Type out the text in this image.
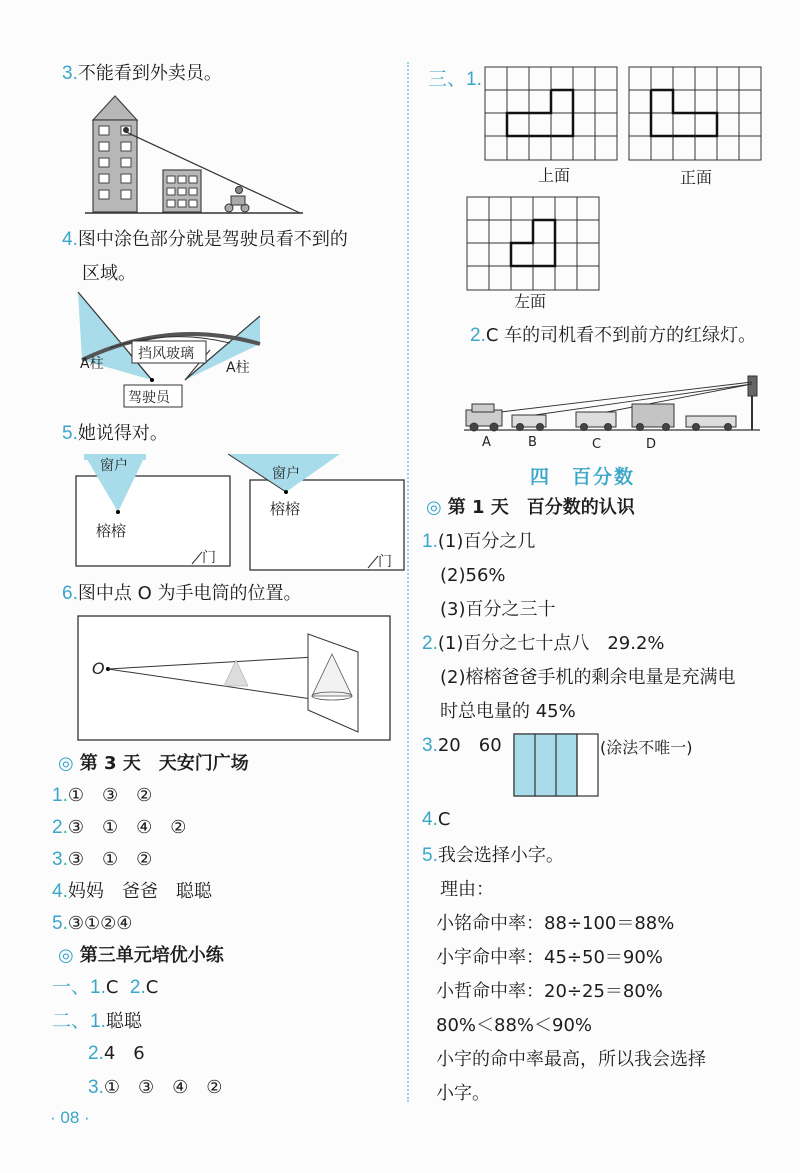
3.不能看到外卖员。
4.图中涂色部分就是驾驶员看不到的
区域。
A柱	A柱
挡风玻璃
驾驶员
5.她说得对。
窗户
榕榕
门
窗户
榕榕
门
6.图中点 O 为手电筒的位置。
O
◎ 第 3 天　天安门广场
1.①　③　②
2.③　①　④　②
3.③　①　②
4.妈妈　爸爸　聪聪
5.③①②④
◎ 第三单元培优小练
一、1.C 2.C
二、1.聪聪
2.4　6
3.①　③　④　②
· 08 ·
三、1.
上面	正面
左面
2.C 车的司机看不到前方的红绿灯。
A	B	C	D
四　百分数
◎ 第 1 天　百分数的认识
1.(1)百分之几
(2)56%
(3)百分之三十
2.(1)百分之七十点八　29.2%
(2)榕榕爸爸手机的剩余电量是充满电
时总电量的 45%
3.20　60	(涂法不唯一)
4.C
5.我会选择小字。
理由：
小铭命中率：88÷100＝88%
小宇命中率：45÷50＝90%
小哲命中率：20÷25＝80%
80%＜88%＜90%
小宇的命中率最高，所以我会选择
小字。
